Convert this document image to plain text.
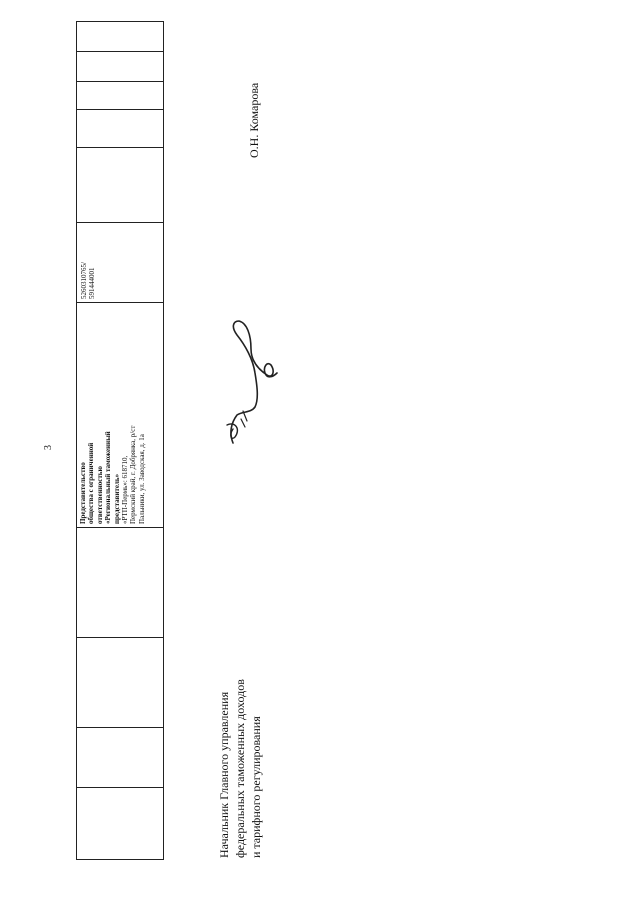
3

Представительство общества с ограниченной ответственностью «Региональный таможенный представитель» «РТП-Пермь»: 618710, Пермский край, г. Добрянка, р/ст Пальники, ул. Заводская, д. 1а

5260310765/ 591444001

Начальник Главного управления федеральных таможенных доходов и тарифного регулирования
О.Н. Комарова
